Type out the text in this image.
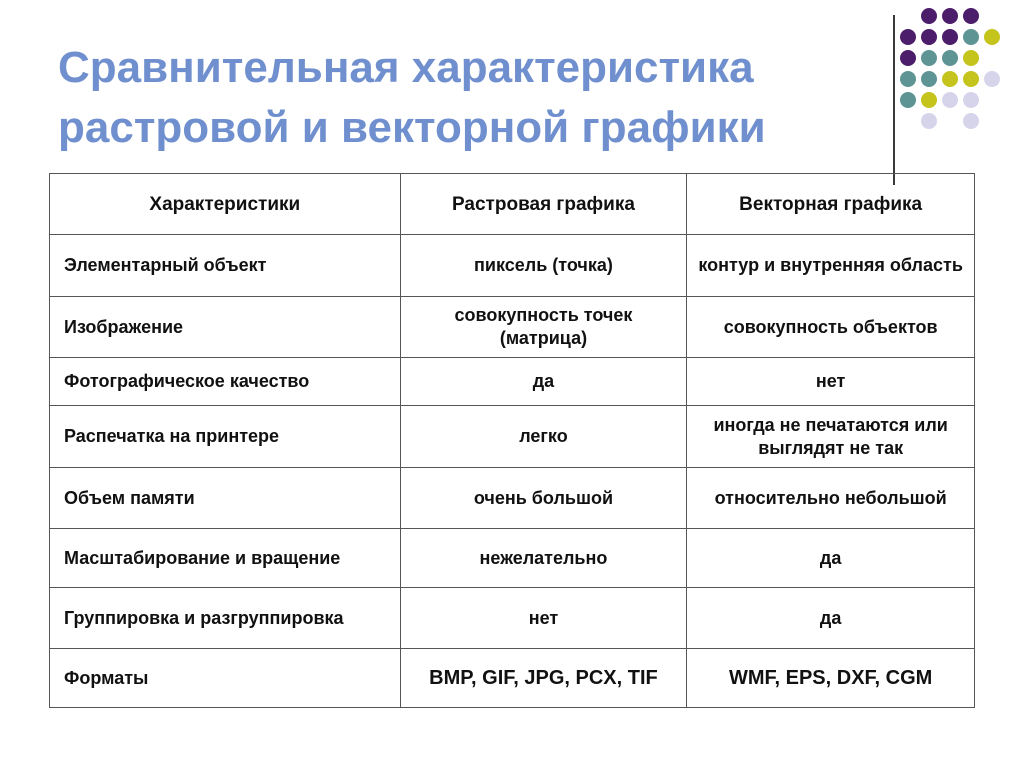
Сравнительная характеристика
растровой и векторной графики
Характеристики	Растровая графика	Векторная графика
Элементарный объект	пиксель (точка)	контур и внутренняя область
Изображение	совокупность точек (матрица)	совокупность объектов
Фотографическое качество	да	нет
Распечатка на принтере	легко	иногда не печатаются или выглядят не так
Объем памяти	очень большой	относительно небольшой
Масштабирование и вращение	нежелательно	да
Группировка и разгруппировка	нет	да
Форматы	BMP, GIF, JPG, PCX, TIF	WMF, EPS, DXF, CGM
